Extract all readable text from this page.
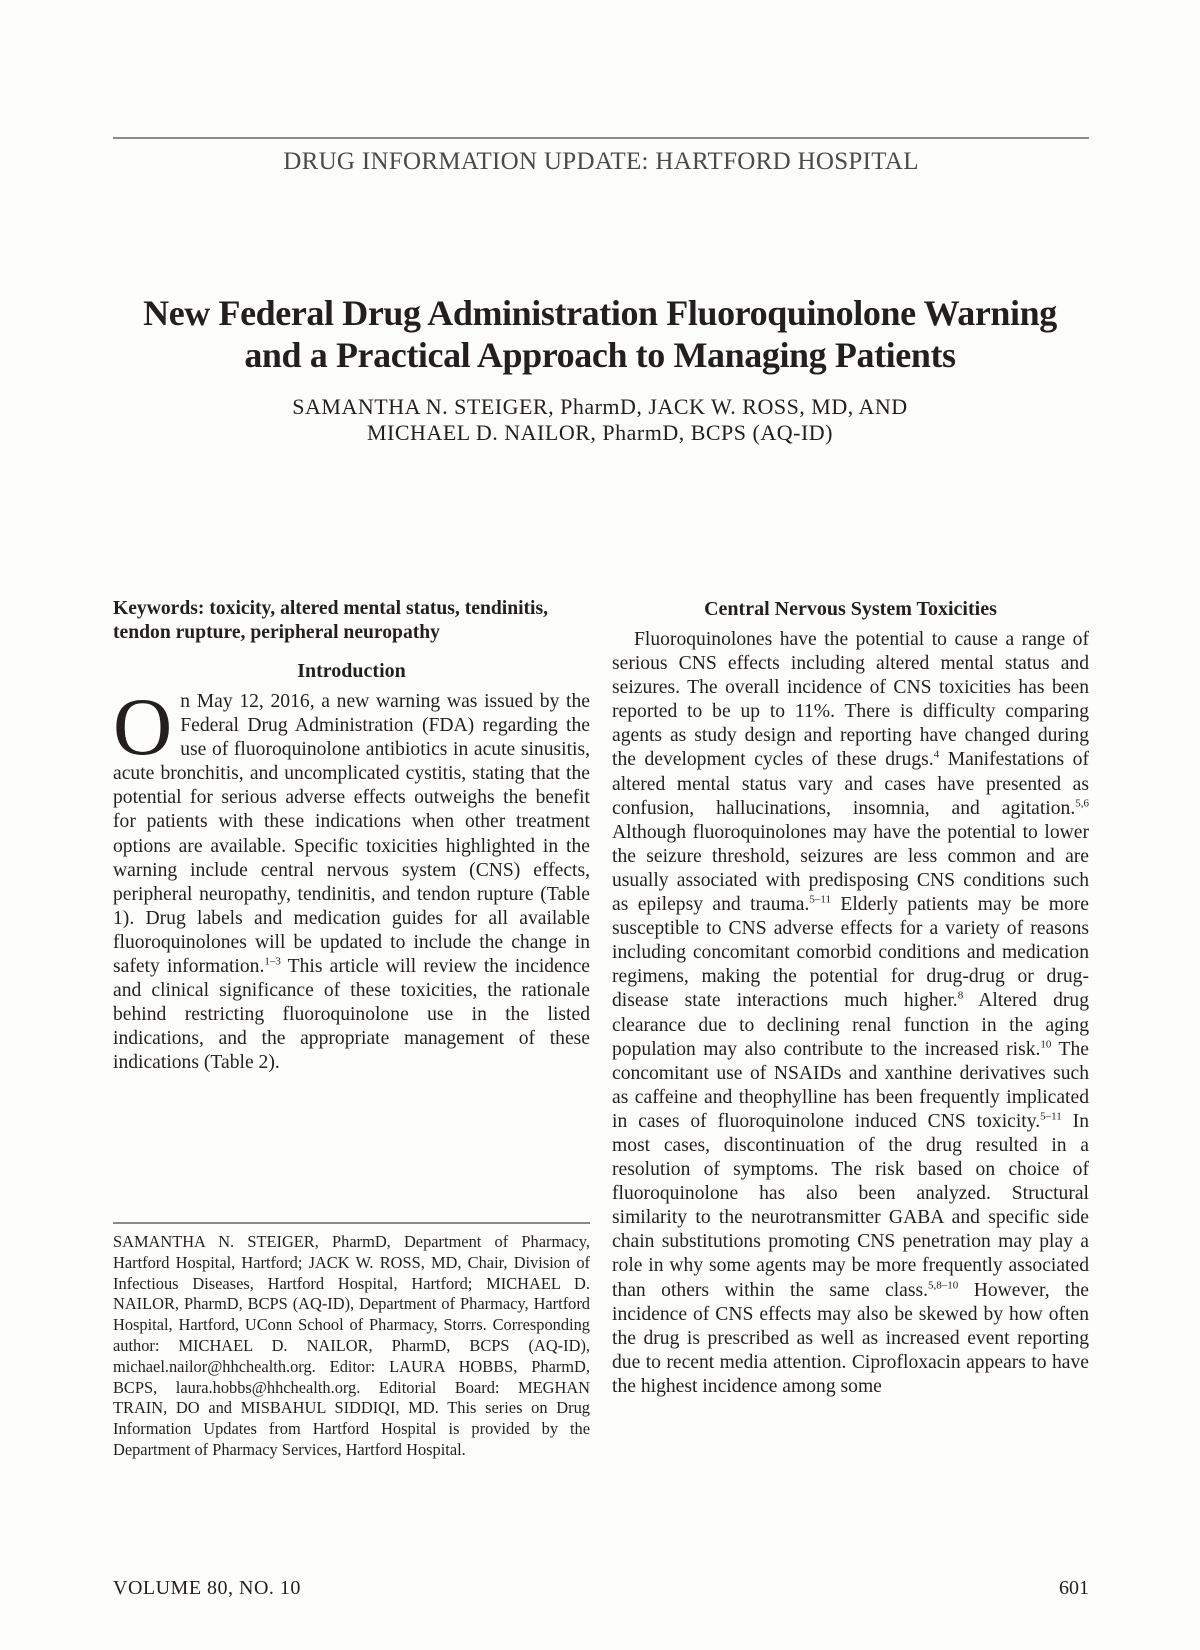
DRUG INFORMATION UPDATE: HARTFORD HOSPITAL
New Federal Drug Administration Fluoroquinolone Warning
and a Practical Approach to Managing Patients
SAMANTHA N. STEIGER, PharmD, JACK W. ROSS, MD, AND
MICHAEL D. NAILOR, PharmD, BCPS (AQ-ID)

Keywords: toxicity, altered mental status, tendinitis, tendon rupture, peripheral neuropathy

Introduction

On May 12, 2016, a new warning was issued by the Federal Drug Administration (FDA) regarding the use of fluoroquinolone antibiotics in acute sinusitis, acute bronchitis, and uncomplicated cystitis, stating that the potential for serious adverse effects outweighs the benefit for patients with these indications when other treatment options are available. Specific toxicities highlighted in the warning include central nervous system (CNS) effects, peripheral neuropathy, tendinitis, and tendon rupture (Table 1). Drug labels and medication guides for all available fluoroquinolones will be updated to include the change in safety information.$^{1-3}$ This article will review the incidence and clinical significance of these toxicities, the rationale behind restricting fluoroquinolone use in the listed indications, and the appropriate management of these indications (Table 2).

Central Nervous System Toxicities

Fluoroquinolones have the potential to cause a range of serious CNS effects including altered mental status and seizures. The overall incidence of CNS toxicities has been reported to be up to 11%. There is difficulty comparing agents as study design and reporting have changed during the development cycles of these drugs.$^4$ Manifestations of altered mental status vary and cases have presented as confusion, hallucinations, insomnia, and agitation.$^{5,6}$ Although fluoroquinolones may have the potential to lower the seizure threshold, seizures are less common and are usually associated with predisposing CNS conditions such as epilepsy and trauma.$^{5-11}$ Elderly patients may be more susceptible to CNS adverse effects for a variety of reasons including concomitant comorbid conditions and medication regimens, making the potential for drug-drug or drug-disease state interactions much higher.$^8$ Altered drug clearance due to declining renal function in the aging population may also contribute to the increased risk.$^{10}$ The concomitant use of NSAIDs and xanthine derivatives such as caffeine and theophylline has been frequently implicated in cases of fluoroquinolone induced CNS toxicity.$^{5-11}$ In most cases, discontinuation of the drug resulted in a resolution of symptoms. The risk based on choice of fluoroquinolone has also been analyzed. Structural similarity to the neurotransmitter GABA and specific side chain substitutions promoting CNS penetration may play a role in why some agents may be more frequently associated than others within the same class.$^{5,8-10}$ However, the incidence of CNS effects may also be skewed by how often the drug is prescribed as well as increased event reporting due to recent media attention. Ciprofloxacin appears to have the highest incidence among some

SAMANTHA N. STEIGER, PharmD, Department of Pharmacy, Hartford Hospital, Hartford; JACK W. ROSS, MD, Chair, Division of Infectious Diseases, Hartford Hospital, Hartford; MICHAEL D. NAILOR, PharmD, BCPS (AQ-ID), Department of Pharmacy, Hartford Hospital, Hartford, UConn School of Pharmacy, Storrs. Corresponding author: MICHAEL D. NAILOR, PharmD, BCPS (AQ-ID), michael.nailor@hhchealth.org. Editor: LAURA HOBBS, PharmD, BCPS, laura.hobbs@hhchealth.org. Editorial Board: MEGHAN TRAIN, DO and MISBAHUL SIDDIQI, MD. This series on Drug Information Updates from Hartford Hospital is provided by the Department of Pharmacy Services, Hartford Hospital.

VOLUME 80, NO. 10	601
